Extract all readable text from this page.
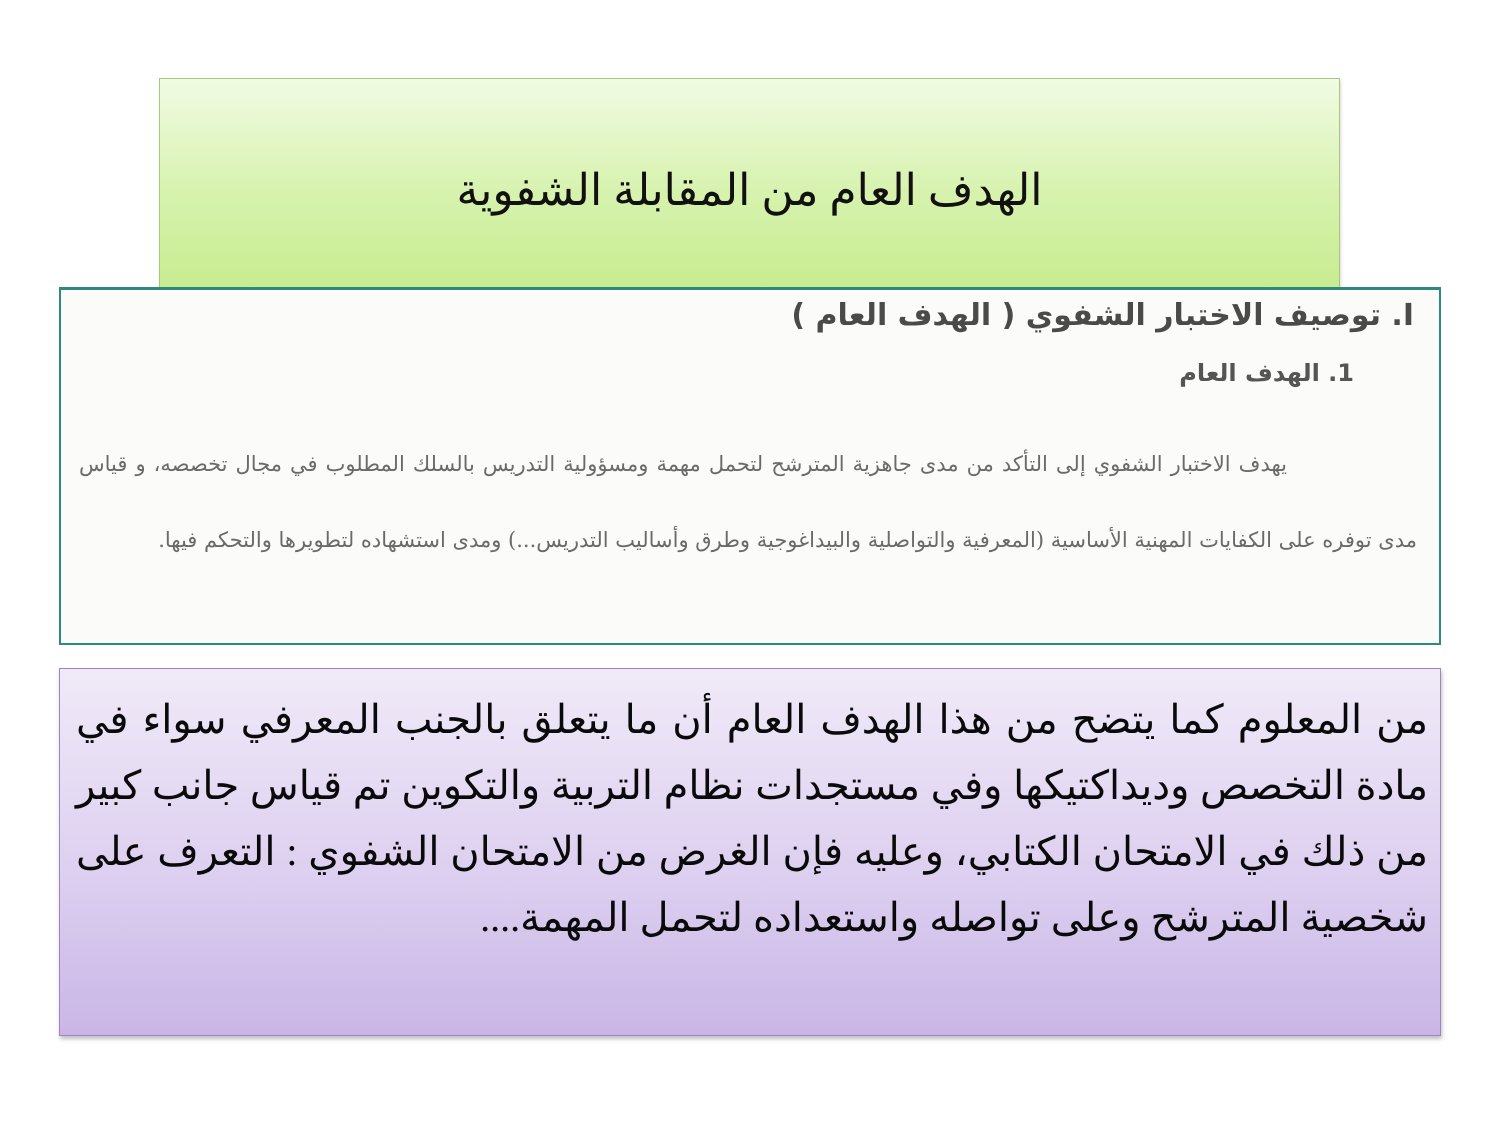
الهدف العام من المقابلة الشفوية
I. توصيف الاختبار الشفوي ( الهدف العام )
1. الهدف العام

يهدف الاختبار الشفوي إلى التأكد من مدى جاهزية المترشح لتحمل مهمة ومسؤولية التدريس بالسلك المطلوب في مجال تخصصه، و قياس مدى توفره على الكفايات المهنية الأساسية (المعرفية والتواصلية والبيداغوجية وطرق وأساليب التدريس...) ومدى استشهاده لتطويرها والتحكم فيها.

من المعلوم كما يتضح من هذا الهدف العام أن ما يتعلق بالجنب المعرفي سواء في مادة التخصص وديداكتيكها وفي مستجدات نظام التربية والتكوين تم قياس جانب كبير من ذلك في الامتحان الكتابي، وعليه فإن الغرض من الامتحان الشفوي : التعرف على شخصية المترشح وعلى تواصله واستعداده لتحمل المهمة....
